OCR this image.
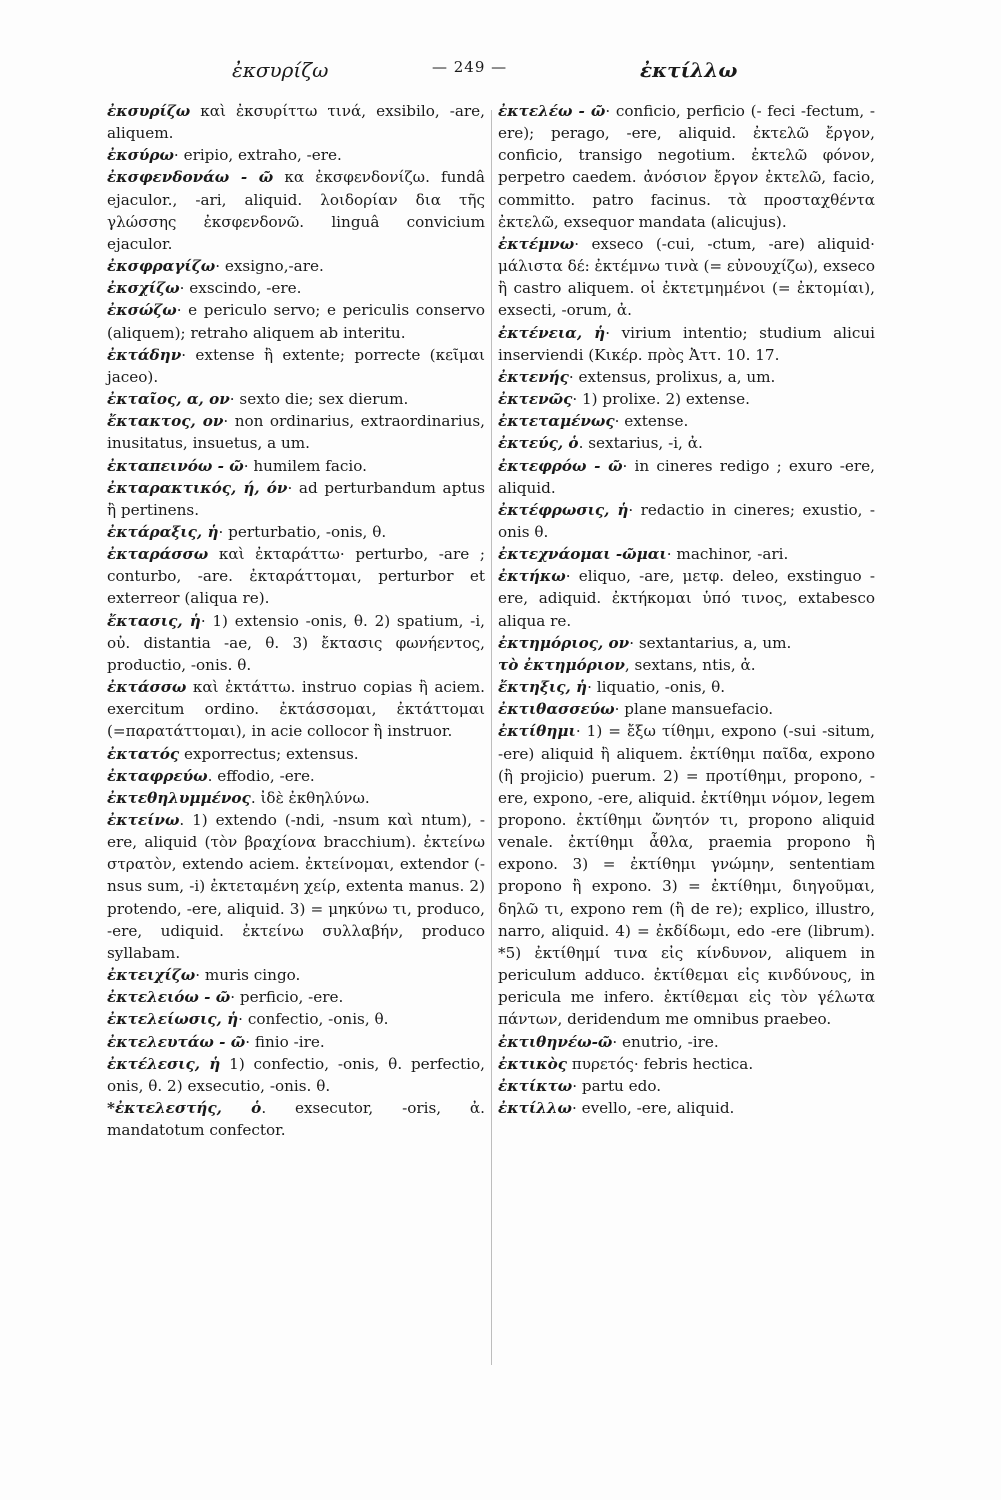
ἐκσυρίζω	— 249 —	ἐκτίλλω

ἐκσυρίζω καὶ ἐκσυρίττω τινά, exsibilo, -are, aliquem.

ἐκσύρω· eripio, extraho, -ere.

ἐκσφενδονάω - ῶ κα ἐκσφενδονίζω. fundâ ejaculor., -ari, aliquid. λοιδορίαν δια τῆς γλώσσης ἐκσφενδονῶ. linguâ convicium ejaculor.

ἐκσφραγίζω· exsigno,-are.

ἐκσχίζω· exscindo, -ere.

ἐκσώζω· e periculo servo; e periculis conservo (aliquem); retraho aliquem ab interitu.

ἐκτάδην· extense ἢ extente; porrecte (κεῖμαι jaceo).

ἐκταῖος, α, ον· sexto die; sex dierum.

ἔκτακτος, ον· non ordinarius, extraordinarius, inusitatus, insuetus, a um.

ἐκταπεινόω - ῶ· humilem facio.

ἐκταρακτικός, ή, όν· ad perturbandum aptus ἢ pertinens.

ἐκτάραξις, ἡ· perturbatio, -onis, θ.

ἐκταράσσω καὶ ἐκταράττω· perturbo, -are ; conturbo, -are. ἐκταράττομαι, perturbor et exterreor (aliqua re).

ἔκτασις, ἡ· 1) extensio -onis, θ. 2) spatium, -i, οὐ. distantia -ae, θ. 3) ἔκτασις φωνήεντος, productio, -onis. θ.

ἐκτάσσω καὶ ἐκτάττω. instruo copias ἢ aciem. exercitum ordino. ἐκτάσσομαι, ἐκτάττομαι (=παρατάττομαι), in acie collocor ἢ instruor.

ἐκτατός exporrectus; extensus.

ἐκταφρεύω. effodio, -ere.

ἐκτεθηλυμμένος. ἰδὲ ἐκθηλύνω.

ἐκτείνω. 1) extendo (-ndi, -nsum καὶ ntum), -ere, aliquid (τὸν βραχίονα bracchium). ἐκτείνω στρατὸν, extendo aciem. ἐκτείνομαι, extendor (-nsus sum, -i) ἐκτεταμένη χείρ, extenta manus. 2) protendo, -ere, aliquid. 3) = μηκύνω τι, produco, -ere, udiquid. ἐκτείνω συλλαβήν, produco syllabam.

ἐκτειχίζω· muris cingo.

ἐκτελειόω - ῶ· perficio, -ere.

ἐκτελείωσις, ἡ· confectio, -onis, θ.

ἐκτελευτάω - ῶ· finio -ire.

ἐκτέλεσις, ἡ 1) confectio, -onis, θ. perfectio, onis, θ. 2) exsecutio, -onis. θ.

*ἐκτελεστής, ὁ. exsecutor, -oris, ἀ. mandatotum confector.

ἐκτελέω - ῶ· conficio, perficio (- feci -fectum, -ere); perago, -ere, aliquid. ἐκτελῶ ἔργον, conficio, transigo negotium. ἐκτελῶ φόνον, perpetro caedem. ἀνόσιον ἔργον ἐκτελῶ, facio, committo. patro facinus. τὰ προσταχθέντα ἐκτελῶ, exsequor mandata (alicujus).

ἐκτέμνω· exseco (-cui, -ctum, -are) aliquid· μάλιστα δέ: ἐκτέμνω τινὰ (= εὐνουχίζω), exseco ἢ castro aliquem. οἱ ἐκτετμημένοι (= ἐκτομίαι), exsecti, -orum, ἀ.

ἐκτένεια, ἡ· virium intentio; studium alicui inserviendi (Κικέρ. πρὸς Ἀττ. 10. 17.

ἐκτενής· extensus, prolixus, a, um.

ἐκτενῶς· 1) prolixe. 2) extense.

ἐκτεταμένως· extense.

ἐκτεύς, ὁ. sextarius, -i, ἀ.

ἐκτεφρόω - ῶ· in cineres redigo ; exuro -ere, aliquid.

ἐκτέφρωσις, ἡ· redactio in cineres; exustio, -onis θ.

ἐκτεχνάομαι -ῶμαι· machinor, -ari.

ἐκτήκω· eliquo, -are, μετφ. deleo, exstinguo -ere, adiquid. ἐκτήκομαι ὑπό τινος, extabesco aliqua re.

ἐκτημόριος, ον· sextantarius, a, um.

τὸ ἐκτημόριον, sextans, ntis, ἀ.

ἔκτηξις, ἡ· liquatio, -onis, θ.

ἐκτιθασσεύω· plane mansuefacio.

ἐκτίθημι· 1) = ἔξω τίθημι, expono (-sui -situm, -ere) aliquid ἢ aliquem. ἐκτίθημι παῖδα, expono (ἢ projicio) puerum. 2) = προτίθημι, propono, -ere, expono, -ere, aliquid. ἐκτίθημι νόμον, legem propono. ἐκτίθημι ὤνητόν τι, propono aliquid venale. ἐκτίθημι ἆθλα, praemia propono ἢ expono. 3) = ἐκτίθημι γνώμην, sententiam propono ἢ expono. 3) = ἐκτίθημι, διηγοῦμαι, δηλῶ τι, expono rem (ἢ de re); explico, illustro, narro, aliquid. 4) = ἐκδίδωμι, edo -ere (librum). *5) ἐκτίθημί τινα εἰς κίνδυνον, aliquem in periculum adduco. ἐκτίθεμαι εἰς κινδύνους, in pericula me infero. ἐκτίθεμαι εἰς τὸν γέλωτα πάντων, deridendum me omnibus praebeo.

ἐκτιθηνέω-ῶ· enutrio, -ire.

ἐκτικὸς πυρετός· febris hectica.

ἐκτίκτω· partu edo.

ἐκτίλλω· evello, -ere, aliquid.
